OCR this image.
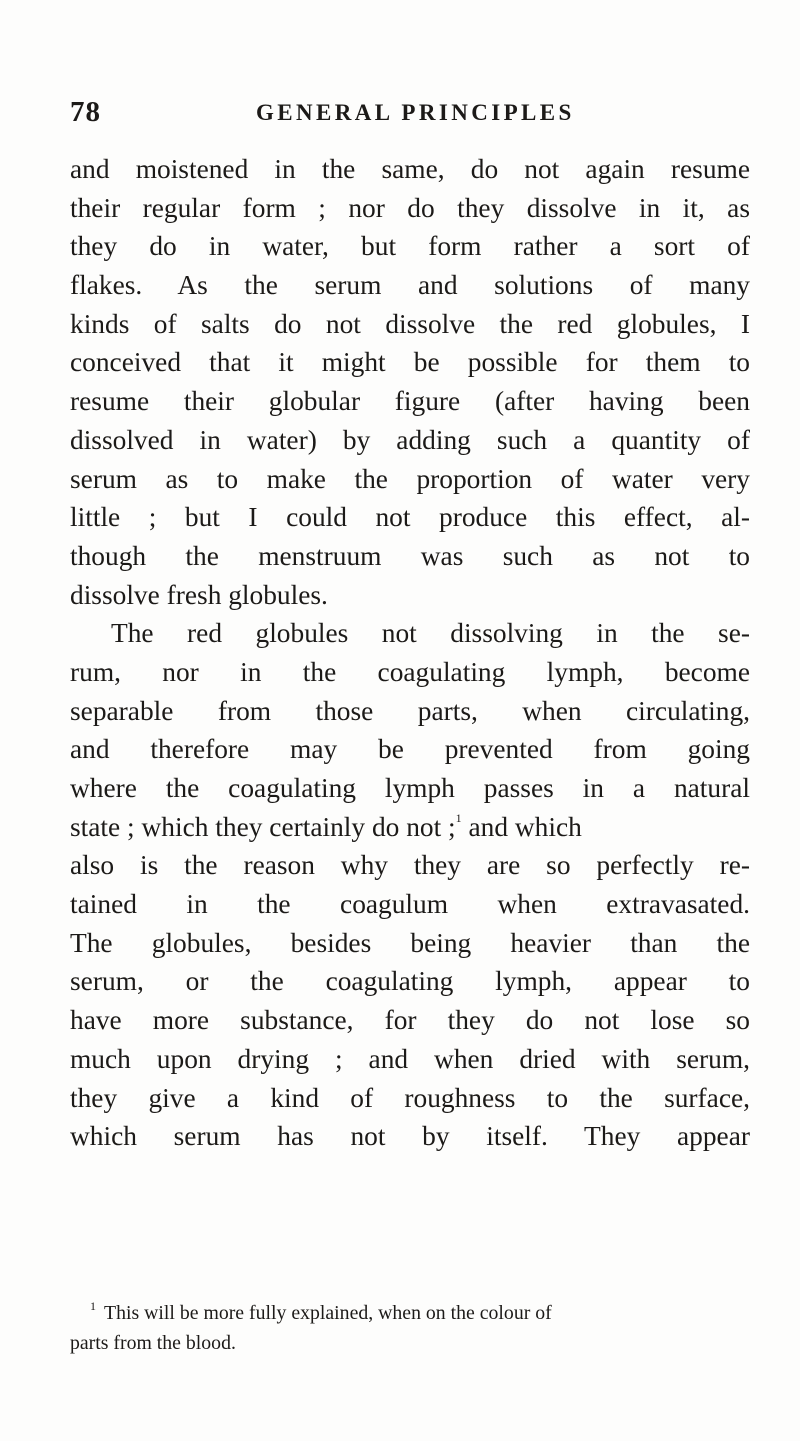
78	GENERAL PRINCIPLES
and moistened in the same, do not again resume
their regular form ; nor do they dissolve in it, as
they do in water, but form rather a sort of
flakes. As the serum and solutions of many
kinds of salts do not dissolve the red globules, I
conceived that it might be possible for them to
resume their globular figure (after having been
dissolved in water) by adding such a quantity of
serum as to make the proportion of water very
little ; but I could not produce this effect, al-
though the menstruum was such as not to
dissolve fresh globules.
The red globules not dissolving in the se-
rum, nor in the coagulating lymph, become
separable from those parts, when circulating,
and therefore may be prevented from going
where the coagulating lymph passes in a natural
state ; which they certainly do not ;$^1$ and which
also is the reason why they are so perfectly re-
tained in the coagulum when extravasated.
The globules, besides being heavier than the
serum, or the coagulating lymph, appear to
have more substance, for they do not lose so
much upon drying ; and when dried with serum,
they give a kind of roughness to the surface,
which serum has not by itself. They appear
$^1$ This will be more fully explained, when on the colour of
parts from the blood.
